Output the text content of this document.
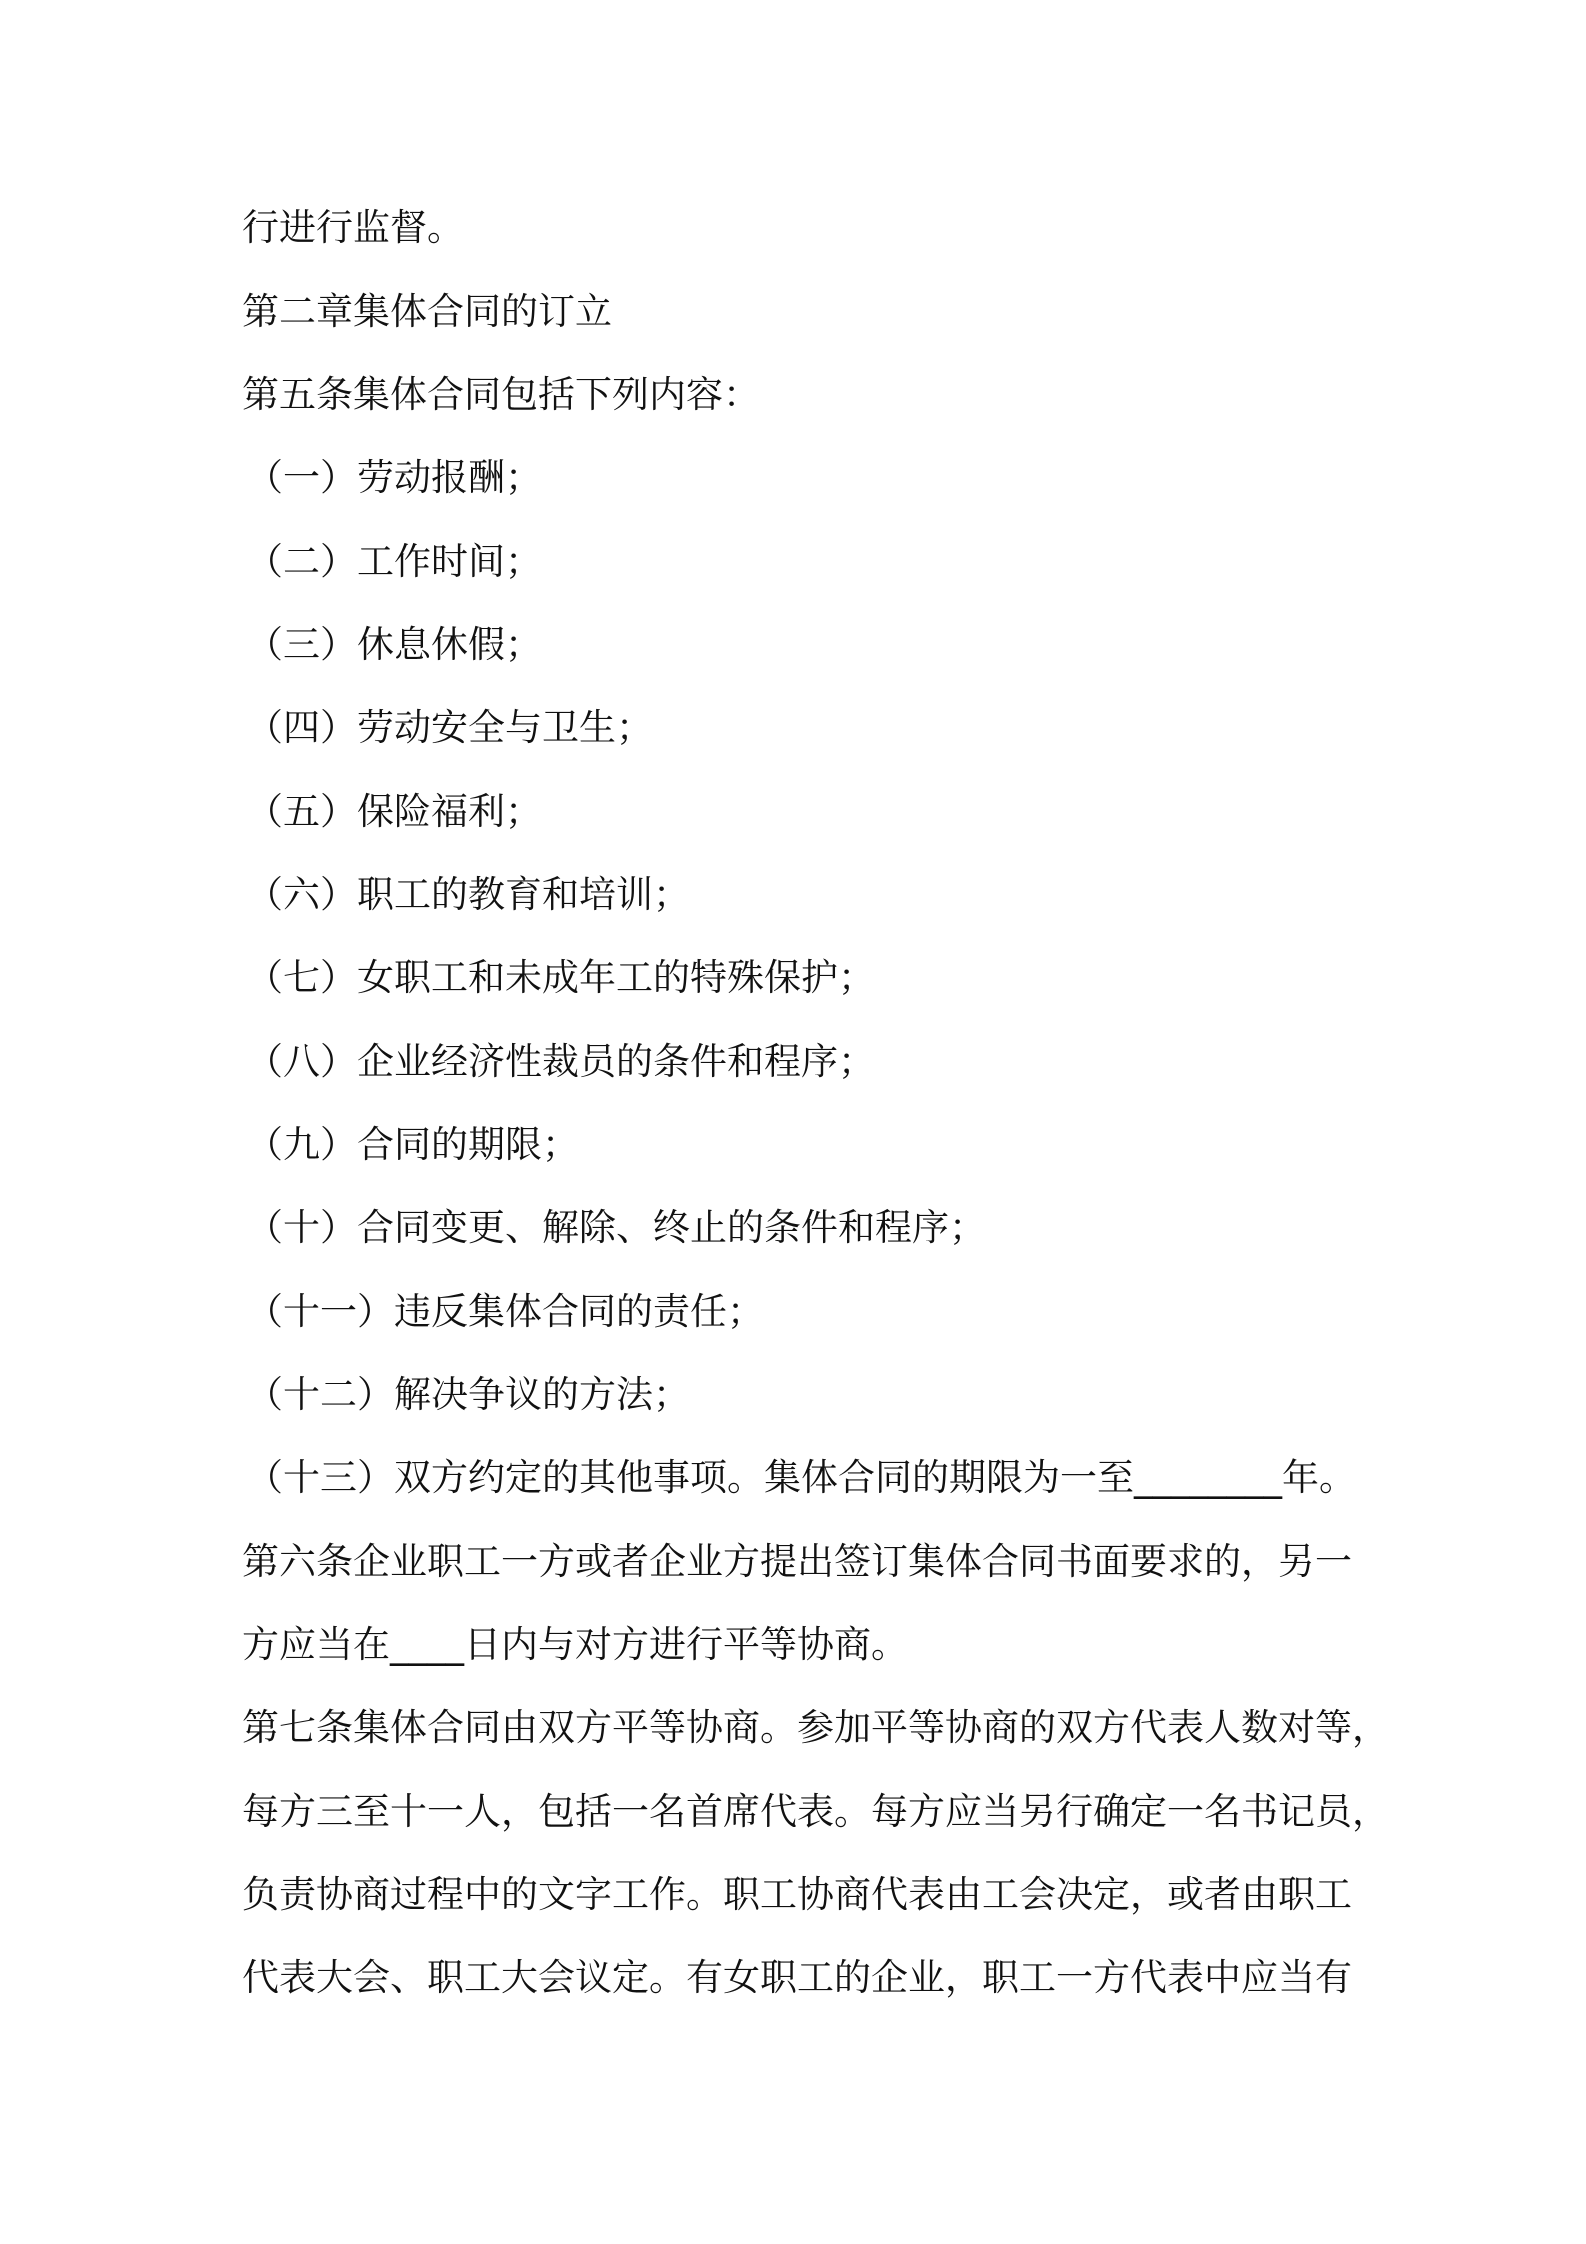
行进行监督。

第二章集体合同的订立

第五条集体合同包括下列内容：

（一）劳动报酬；

（二）工作时间；

（三）休息休假；

（四）劳动安全与卫生；

（五）保险福利；

（六）职工的教育和培训；

（七）女职工和未成年工的特殊保护；

（八）企业经济性裁员的条件和程序；

（九）合同的期限；

（十）合同变更、解除、终止的条件和程序；

（十一）违反集体合同的责任；

（十二）解决争议的方法；

（十三）双方约定的其他事项。集体合同的期限为一至________年。

第六条企业职工一方或者企业方提出签订集体合同书面要求的，另一

方应当在____日内与对方进行平等协商。

第七条集体合同由双方平等协商。参加平等协商的双方代表人数对等，

每方三至十一人，包括一名首席代表。每方应当另行确定一名书记员，

负责协商过程中的文字工作。职工协商代表由工会决定，或者由职工

代表大会、职工大会议定。有女职工的企业，职工一方代表中应当有
